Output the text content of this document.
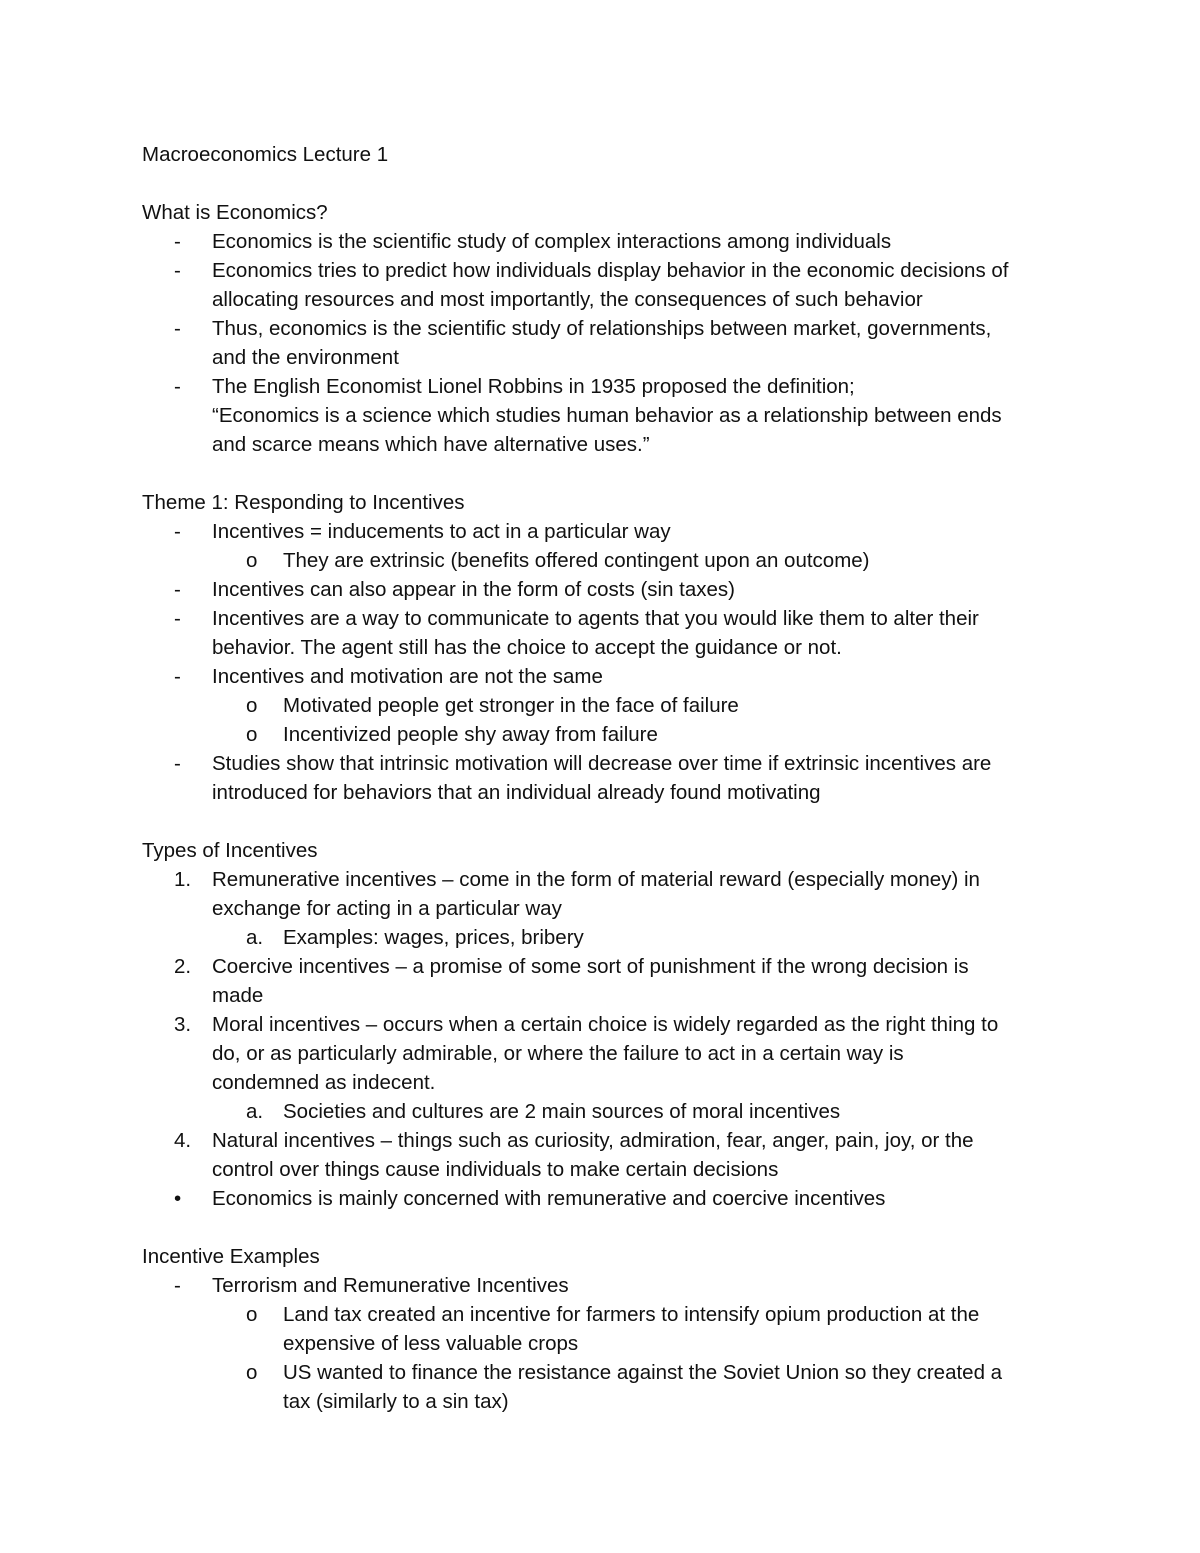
Macroeconomics Lecture 1
What is Economics?
-	Economics is the scientific study of complex interactions among individuals
-	Economics tries to predict how individuals display behavior in the economic decisions of
allocating resources and most importantly, the consequences of such behavior
-	Thus, economics is the scientific study of relationships between market, governments,
and the environment
-	The English Economist Lionel Robbins in 1935 proposed the definition;
“Economics is a science which studies human behavior as a relationship between ends
and scarce means which have alternative uses.”
Theme 1: Responding to Incentives
-	Incentives = inducements to act in a particular way
o	They are extrinsic (benefits offered contingent upon an outcome)
-	Incentives can also appear in the form of costs (sin taxes)
-	Incentives are a way to communicate to agents that you would like them to alter their
behavior. The agent still has the choice to accept the guidance or not.
-	Incentives and motivation are not the same
o	Motivated people get stronger in the face of failure
o	Incentivized people shy away from failure
-	Studies show that intrinsic motivation will decrease over time if extrinsic incentives are
introduced for behaviors that an individual already found motivating
Types of Incentives
1.	Remunerative incentives – come in the form of material reward (especially money) in
exchange for acting in a particular way
a. Examples: wages, prices, bribery
2.	Coercive incentives – a promise of some sort of punishment if the wrong decision is
made
3.	Moral incentives – occurs when a certain choice is widely regarded as the right thing to
do, or as particularly admirable, or where the failure to act in a certain way is
condemned as indecent.
a. Societies and cultures are 2 main sources of moral incentives
4.	Natural incentives – things such as curiosity, admiration, fear, anger, pain, joy, or the
control over things cause individuals to make certain decisions
•	Economics is mainly concerned with remunerative and coercive incentives
Incentive Examples
-	Terrorism and Remunerative Incentives
o	Land tax created an incentive for farmers to intensify opium production at the
expensive of less valuable crops
o	US wanted to finance the resistance against the Soviet Union so they created a
tax (similarly to a sin tax)
